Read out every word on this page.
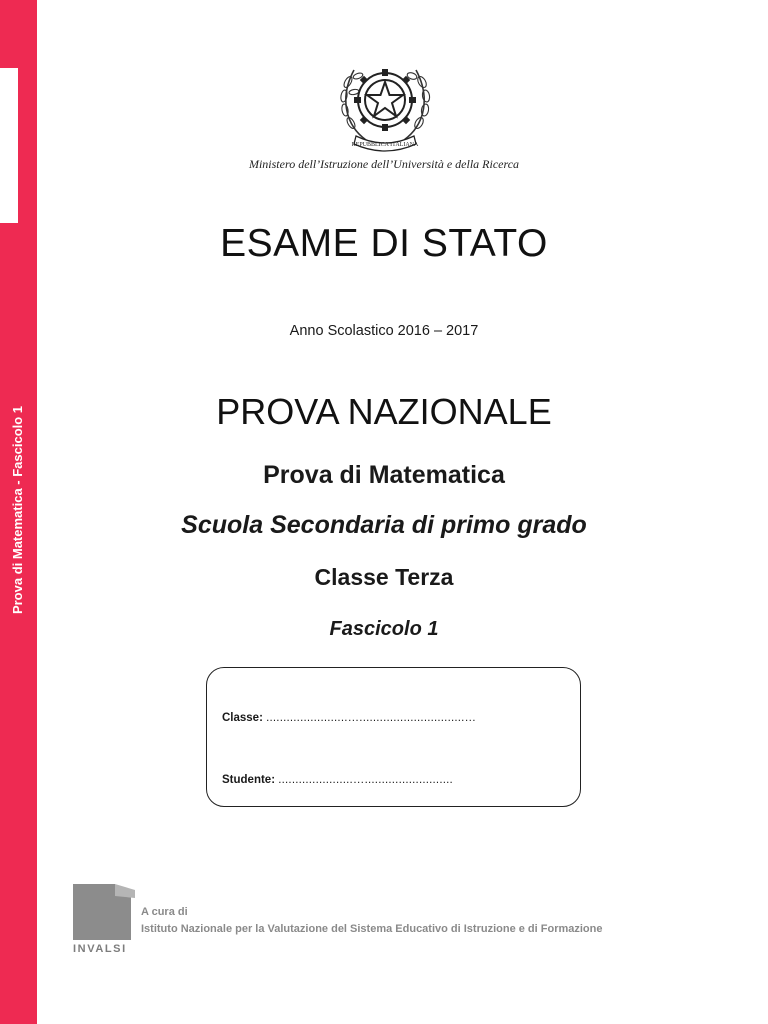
Prova di Matematica - Fascicolo 1
REPUBBLICA ITALIANA
Ministero dell’Istruzione dell’Università e della Ricerca
ESAME DI STATO
Anno Scolastico 2016 – 2017
PROVA NAZIONALE
Prova di Matematica
Scuola Secondaria di primo grado
Classe Terza
Fascicolo 1
Classe: ........................…...............................…
Studente: ......................…..........................
INVALSI
A cura di
Istituto Nazionale per la Valutazione del Sistema Educativo di Istruzione e di Formazione
